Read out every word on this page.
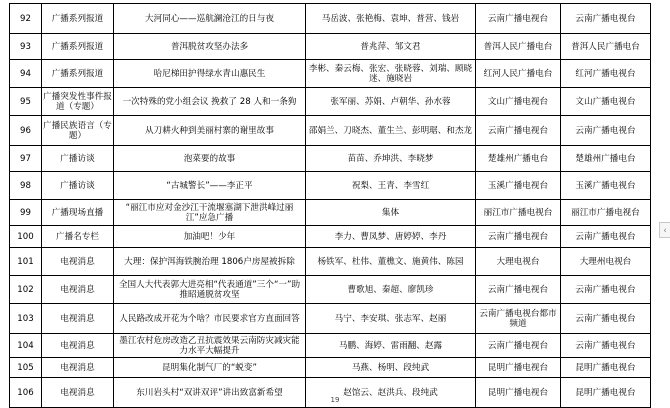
92	广播系列报道	大河同心——巡航澜沧江的日与夜	马岳波、张艳梅、袁坤、普营、钱岩	云南广播电视台	云南广播电视台
93	广播系列报道	普洱脱贫攻坚办法多	普兆萍、邹文君	普洱人民广播电台	普洱人民广播电台
94	广播系列报道	哈尼梯田护得绿水青山惠民生	李彬、秦云梅、张宏、张晓蓉、刘瑞、顾晓迷、施晓岩	红河人民广播电台	红河广播电视台
95	广播突发性事件报道（专题）	一次特殊的党小组会议 挽救了 28 人和一条狗	张军丽、苏娟、卢朝华、孙水蓉	文山广播电视台	文山广播电视台
96	广播民族语言（专题）	从刀耕火种到美丽村寨的谢里故事	邵娟兰、刀晓杰、董生兰、彭明琚、和杰龙	云南广播电视台	云南广播电视台
97	广播访谈	泡菜要的故事	苗苗、乔坤洪、李晓梦	楚雄州广播电台	楚雄州广播电台
98	广播访谈	“古城警长”——李正平	祝梨、王青、李雪红	玉溪广播电视台	玉溪广播电视台
99	广播现场直播	“丽江市应对金沙江干流堰塞湖下泄洪峰过丽江”应急广播	集体	丽江市广播电视台	丽江市广播电视台
100	广播名专栏	加油吧！少年	李力、曹凤梦、唐婷婷、李丹	云南广播电视台	云南广播电视台
101	电视消息	大理：保护洱海铁腕治理 1806户房屋被拆除	杨铁军、杜伟、董樵文、施黄伟、陈园	大理电视台	大理州电视台
102	电视消息	全国人大代表郭大进亮相“代表通道”三个“一”助推昭通脱贫攻坚	曹歌旭、秦超、廖凯珍	云南广播电视台	云南广播电视台
103	电视消息	人民路改成开花为个啥？市民要求官方直面回答	马宁、李安琪、张志军、赵丽	云南广播电视台都市频道	云南广播电视台
104	电视消息	墨江农村危房改造乙丑抗震效果云南防灾减灾能力水平大幅提升	马鹏、海婷、雷雨翻、赵露	云南广播电视台	云南广播电视台
105	电视消息	昆明集化制气厂的“蜕变”	马燕、杨明、段纯武	昆明广播电视台	昆明广播电视台
106	电视消息	东川岩头村“双讲双评”讲出致富新希望	赵馆云、赵洪兵、段纯武	昆明广播电视台	昆明广播电视台
19
‹
